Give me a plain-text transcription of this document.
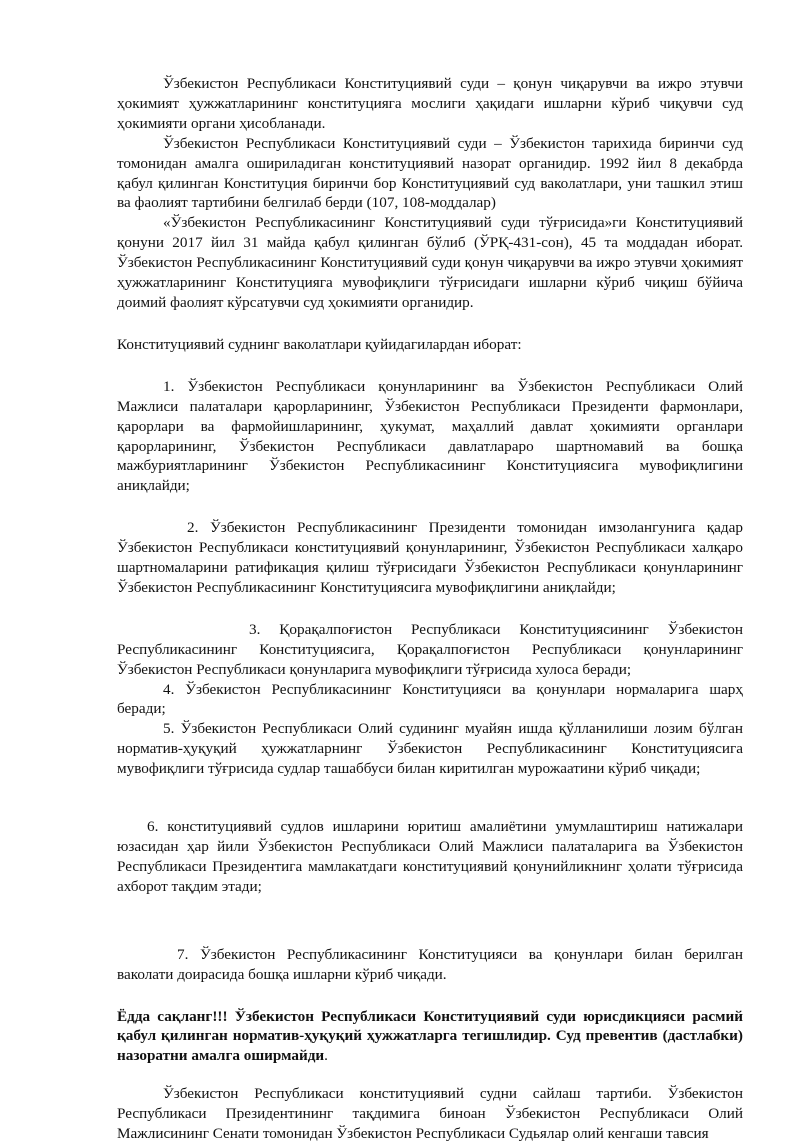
Ўзбекистон Республикаси Конституциявий суди – қонун чиқарувчи ва ижро этувчи ҳокимият ҳужжатларининг конституцияга мослиги ҳақидаги ишларни кўриб чиқувчи суд ҳокимияти органи ҳисобланади.

Ўзбекистон Республикаси Конституциявий суди – Ўзбекистон тарихида биринчи суд томонидан амалга ошириладиган конституциявий назорат органидир. 1992 йил 8 декабрда қабул қилинган Конституция биринчи бор Конституциявий суд ваколатлари, уни ташкил этиш ва фаолият тартибини белгилаб берди (107, 108-моддалар)

«Ўзбекистон Республикасининг Конституциявий суди тўғрисида»ги Конституциявий қонуни 2017 йил 31 майда қабул қилинган бўлиб (ЎРҚ-431-сон), 45 та моддадан иборат. Ўзбекистон Республикасининг Конституциявий суди қонун чиқарувчи ва ижро этувчи ҳокимият ҳужжатларининг Конституцияга мувофиқлиги тўғрисидаги ишларни кўриб чиқиш бўйича доимий фаолият кўрсатувчи суд ҳокимияти органидир.

Конституциявий суднинг ваколатлари қуйидагилардан иборат:

1. Ўзбекистон Республикаси қонунларининг ва Ўзбекистон Республикаси Олий Мажлиси палаталари қарорларининг, Ўзбекистон Республикаси Президенти фармонлари, қарорлари ва фармойишларининг, ҳукумат, маҳаллий давлат ҳокимияти органлари қарорларининг, Ўзбекистон Республикаси давлатлараро шартномавий ва бошқа мажбуриятларининг Ўзбекистон Республикасининг Конституциясига мувофиқлигини аниқлайди;

2. Ўзбекистон Республикасининг Президенти томонидан имзолангунига қадар Ўзбекистон Республикаси конституциявий қонунларининг, Ўзбекистон Республикаси халқаро шартномаларини ратификация қилиш тўғрисидаги Ўзбекистон Республикаси қонунларининг Ўзбекистон Республикасининг Конституциясига мувофиқлигини аниқлайди;

3. Қорақалпоғистон Республикаси Конституциясининг Ўзбекистон Республикасининг Конституциясига, Қорақалпоғистон Республикаси қонунларининг Ўзбекистон Республикаси қонунларига мувофиқлиги тўғрисида хулоса беради;

4. Ўзбекистон Республикасининг Конституцияси ва қонунлари нормаларига шарҳ беради;

5. Ўзбекистон Республикаси Олий судининг муайян ишда қўлланилиши лозим бўлган норматив-ҳуқуқий ҳужжатларнинг Ўзбекистон Республикасининг Конституциясига мувофиқлиги тўғрисида судлар ташаббуси билан киритилган мурожаатини кўриб чиқади;

6. конституциявий судлов ишларини юритиш амалиётини умумлаштириш натижалари юзасидан ҳар йили Ўзбекистон Республикаси Олий Мажлиси палаталарига ва Ўзбекистон Республикаси Президентига мамлакатдаги конституциявий қонунийликнинг ҳолати тўғрисида ахборот тақдим этади;

7. Ўзбекистон Республикасининг Конституцияси ва қонунлари билан берилган ваколати доирасида бошқа ишларни кўриб чиқади.

Ёдда сақланг!!! Ўзбекистон Республикаси Конституциявий суди юрисдикцияси расмий қабул қилинган норматив-ҳуқуқий ҳужжатларга тегишлидир. Суд превентив (дастлабки) назоратни амалга оширмайди.

Ўзбекистон Республикаси конституциявий судни сайлаш тартиби. Ўзбекистон Республикаси Президентининг тақдимига биноан Ўзбекистон Республикаси Олий Мажлисининг Сенати томонидан Ўзбекистон Республикаси Судьялар олий кенгаши тавсия
